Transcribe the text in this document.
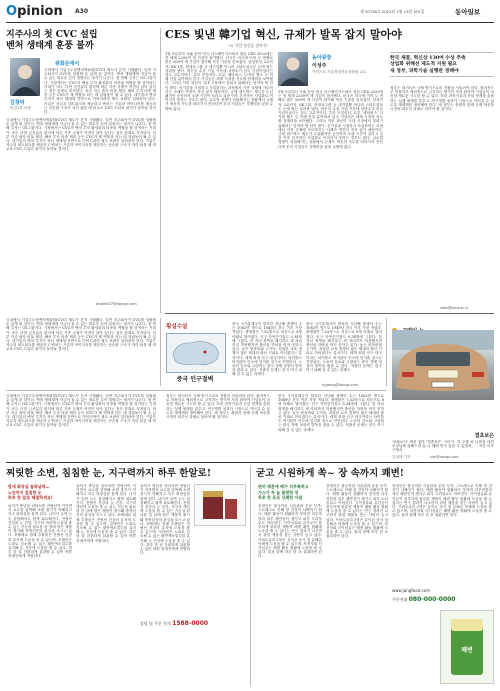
Opinion A30	제 30726호 2022년 1월 19일 화요일	동아일보
지주사의 첫 CVC 설립
벤처 생태계 훈풍 불까
광화문에서
김창덕
산업1부 차장
국내에서 기업주도형벤처캐피털(CVC) 제도가 본격 시행됐다. 일반 지주회사가 CVC를 설립할 수 있게 된 것이다. 벤처 생태계에 자금이 돌 수 있는 새로운 길이 열렸다는 평가가 나온다. 첫 번째 주자는 GS그룹이다. 시장에서는 CVC가 벤처 투자 활성화의 마중물 역할을 할 것이라는 기대가 크다. 다만 금산분리 원칙에 따른 각종 규제가 여전히 남아 있다는 점은 한계로 지적된다. 외부 자금 출자 비율 제한, 해외 투자 비중 제한 등은 CVC가 제 역할을 하는 데 걸림돌이 될 수 있다. 대기업의 벤처 투자가 혁신 생태계 전반으로 이어지려면 제도 보완이 뒤따라야 한다. 기업은 자금과 네트워크를 제공하고 벤처는 기술과 아이디어를 제공하는 선순환 구조가 자리 잡을 때 비로소 CVC 도입의 취지가 살아날 것이다.
국내에서 기업주도형벤처캐피털(CVC) 제도가 본격 시행됐다. 일반 지주회사가 CVC를 설립할 수 있게 된 것이다. 벤처 생태계에 자금이 돌 수 있는 새로운 길이 열렸다는 평가가 나온다. 첫 번째 주자는 GS그룹이다. 시장에서는 CVC가 벤처 투자 활성화의 마중물 역할을 할 것이라는 기대가 크다. 다만 금산분리 원칙에 따른 각종 규제가 여전히 남아 있다는 점은 한계로 지적된다. 외부 자금 출자 비율 제한, 해외 투자 비중 제한 등은 CVC가 제 역할을 하는 데 걸림돌이 될 수 있다. 대기업의 벤처 투자가 혁신 생태계 전반으로 이어지려면 제도 보완이 뒤따라야 한다. 기업은 자금과 네트워크를 제공하고 벤처는 기술과 아이디어를 제공하는 선순환 구조가 자리 잡을 때 비로소 CVC 도입의 취지가 살아날 것이다.
drake007@donga.com
CES 빛낸 韓기업 혁신, 규제가 발목 잡지 말아야
〈뉴 기업 정신을 찾아서〉
1월 5일부터 사흘 동안 미국 라스베이거스에서 열린 CES 2022에는 전 세계 2200여 개 기업이 참가했다. 한국은 미국에 이어 두 번째로 많은 500여 개 기업이 참가해 혁신 기술을 선보였다. 삼성전자, LG전자, SK그룹, 현대차그룹 등 대기업뿐 아니라 스타트업들도 눈에 띄는 성과를 냈다. 혁신상 수상 기업 가운데 상당수가 한국 기업이었다는 점도 고무적이다. 특히 모빌리티, 로봇, 메타버스, 디지털 헬스 등 미래 산업 분야에서 한국 기업들은 세계 시장을 선도할 잠재력을 보여줬다. 그러나 이런 혁신이 국내 시장에서 꽃피기 위해서는 넘어야 할 산이 많다. 신기술을 시험하고 사업화하는 과정에서 각종 규제에 가로막히는 사례가 여전히 적지 않기 때문이다. 규제 샌드박스 제도가 도입됐지만 승인까지 오랜 시간이 걸리고 실증 이후 본격적인 사업화로 이어지지 못하는 경우도 많다. 글로벌 경쟁이 치열해지는 상황에서 규제가 혁신의 속도를 따라가지 못한다면 우리 기업들은 경쟁력을 잃을 수밖에 없다.
동아광장
이성주
카이스트 기술경영전문대학원 교수
1월 5일부터 사흘 동안 미국 라스베이거스에서 열린 CES 2022에는 전 세계 2200여 개 기업이 참가했다. 한국은 미국에 이어 두 번째로 많은 500여 개 기업이 참가해 혁신 기술을 선보였다. 삼성전자, LG전자, SK그룹, 현대차그룹 등 대기업뿐 아니라 스타트업들도 눈에 띄는 성과를 냈다. 혁신상 수상 기업 가운데 상당수가 한국 기업이었다는 점도 고무적이다. 특히 모빌리티, 로봇, 메타버스, 디지털 헬스 등 미래 산업 분야에서 한국 기업들은 세계 시장을 선도할 잠재력을 보여줬다. 그러나 이런 혁신이 국내 시장에서 꽃피기 위해서는 넘어야 할 산이 많다. 신기술을 시험하고 사업화하는 과정에서 각종 규제에 가로막히는 사례가 여전히 적지 않기 때문이다. 규제 샌드박스 제도가 도입됐지만 승인까지 오랜 시간이 걸리고 실증 이후 본격적인 사업화로 이어지지 못하는 경우도 많다. 글로벌 경쟁이 치열해지는 상황에서 규제가 혁신의 속도를 따라가지 못한다면 우리 기업들은 경쟁력을 잃을 수밖에 없다.
한국 제품, 혁신상 130여 수상 추축
상업화 위해선 제도적 지원 필요
새 정부, 과학기술 실행관 정해야
정부는 네거티브 규제 방식으로의 전환을 서둘러야 한다. 원칙적으로 허용하고 예외적으로 금지하는 방식이 자리 잡아야 기업들이 마음껏 새로운 시도를 할 수 있다. 또한 과학기술과 산업 정책을 총괄하는 실행 체계를 갖추고, 연구개발 성과가 시장으로 이어질 수 있도록 생태계를 정비해야 한다. 새 정부는 출범과 함께 규제 혁신을 국정의 최우선 과제로 삼아야 할 것이다.
sjlee@kaist.ac.kr
횡설수설
중국 인구절벽
중국 국가통계국이 발표한 지난해 출생아 수는 1062만 명으로 1949년 건국 이후 가장 적었다. 출생률은 7.52명으로 처음으로 8명 아래로 떨어졌다. 인구 자연증가율도 0.34명에 그쳤다. 한 자녀 정책을 폐지하고 세 자녀까지 허용했지만 출산율 하락을 막지 못하고 있다. 높은 양육비와 주거비, 치열한 교육 경쟁이 젊은 세대의 출산 기피로 이어졌다는 분석이다. 세계 최대 인구 대국이라는 타이틀도 머지않아 인도에 넘겨줄 것으로 전망된다. 노동력 감소와 고령화는 중국 경제 성장의 발목을 잡을 수 있다. 저출산 문제는 한국 역시 피해 갈 수 없는 과제다.
중국 국가통계국이 발표한 지난해 출생아 수는 1062만 명으로 1949년 건국 이후 가장 적었다. 출생률은 7.52명으로 처음으로 8명 아래로 떨어졌다. 인구 자연증가율도 0.34명에 그쳤다. 한 자녀 정책을 폐지하고 세 자녀까지 허용했지만 출산율 하락을 막지 못하고 있다. 높은 양육비와 주거비, 치열한 교육 경쟁이 젊은 세대의 출산 기피로 이어졌다는 분석이다. 세계 최대 인구 대국이라는 타이틀도 머지않아 인도에 넘겨줄 것으로 전망된다. 노동력 감소와 고령화는 중국 경제 성장의 발목을 잡을 수 있다. 저출산 문제는 한국 역시 피해 갈 수 없는 과제다.
hyjeong@donga.com
국내에서 기업주도형벤처캐피털(CVC) 제도가 본격 시행됐다. 일반 지주회사가 CVC를 설립할 수 있게 된 것이다. 벤처 생태계에 자금이 돌 수 있는 새로운 길이 열렸다는 평가가 나온다. 첫 번째 주자는 GS그룹이다. 시장에서는 CVC가 벤처 투자 활성화의 마중물 역할을 할 것이라는 기대가 크다. 다만 금산분리 원칙에 따른 각종 규제가 여전히 남아 있다는 점은 한계로 지적된다. 외부 자금 출자 비율 제한, 해외 투자 비중 제한 등은 CVC가 제 역할을 하는 데 걸림돌이 될 수 있다. 대기업의 벤처 투자가 혁신 생태계 전반으로 이어지려면 제도 보완이 뒤따라야 한다. 기업은 자금과 네트워크를 제공하고 벤처는 기술과 아이디어를 제공하는 선순환 구조가 자리 잡을 때 비로소 CVC 도입의 취지가 살아날 것이다.
결초보은
'포뮬로러' 세상 좋아 '결혼보은' 스티커. 자 주행 차 나를을 대면 조상님께 잘해드린 분 나 혜택 받지 않을 수 있을까, ㅡ 서울 마포구에서
김성태 기자	kim@donga.com
국내에서 기업주도형벤처캐피털(CVC) 제도가 본격 시행됐다. 일반 지주회사가 CVC를 설립할 수 있게 된 것이다. 벤처 생태계에 자금이 돌 수 있는 새로운 길이 열렸다는 평가가 나온다. 첫 번째 주자는 GS그룹이다. 시장에서는 CVC가 벤처 투자 활성화의 마중물 역할을 할 것이라는 기대가 크다. 다만 금산분리 원칙에 따른 각종 규제가 여전히 남아 있다는 점은 한계로 지적된다. 외부 자금 출자 비율 제한, 해외 투자 비중 제한 등은 CVC가 제 역할을 하는 데 걸림돌이 될 수 있다. 대기업의 벤처 투자가 혁신 생태계 전반으로 이어지려면 제도 보완이 뒤따라야 한다. 기업은 자금과 네트워크를 제공하고 벤처는 기술과 아이디어를 제공하는 선순환 구조가 자리 잡을 때 비로소 CVC 도입의 취지가 살아날 것이다.
정부는 네거티브 규제 방식으로의 전환을 서둘러야 한다. 원칙적으로 허용하고 예외적으로 금지하는 방식이 자리 잡아야 기업들이 마음껏 새로운 시도를 할 수 있다. 또한 과학기술과 산업 정책을 총괄하는 실행 체계를 갖추고, 연구개발 성과가 시장으로 이어질 수 있도록 생태계를 정비해야 한다. 새 정부는 출범과 함께 규제 혁신을 국정의 최우선 과제로 삼아야 할 것이다.
중국 국가통계국이 발표한 지난해 출생아 수는 1062만 명으로 1949년 건국 이후 가장 적었다. 출생률은 7.52명으로 처음으로 8명 아래로 떨어졌다. 인구 자연증가율도 0.34명에 그쳤다. 한 자녀 정책을 폐지하고 세 자녀까지 허용했지만 출산율 하락을 막지 못하고 있다. 높은 양육비와 주거비, 치열한 교육 경쟁이 젊은 세대의 출산 기피로 이어졌다는 분석이다. 세계 최대 인구 대국이라는 타이틀도 머지않아 인도에 넘겨줄 것으로 전망된다. 노동력 감소와 고령화는 중국 경제 성장의 발목을 잡을 수 있다. 저출산 문제는 한국 역시 피해 갈 수 없는 과제다.
찌릿한 소변, 침침한 눈, 지구력까지 하루 한알로!
밤새 화장실 들락날락…
노안까지 침침한 눈
하루 한 알로 해결하세요!
남자가 중년을 넘어서면 전립선이 커지면서 요도를 압박해 소변 줄기가 약해지고 자주 화장실을 찾게 된다. 나이가 들면 눈도 침침해지고 쉽게 피로해진다. 전립선 건강과 눈 건강, 지구력 개선에 도움을 줄 수 있는 기능성 원료를 한 알에 담은 제품이 출시돼 중장년층의 관심을 모으고 있다. 쏘팔메토 열매 추출물은 전립선 건강의 유지에 도움을 줄 수 있으며, 루테인은 노화로 감소될 수 있는 황반색소밀도를 유지해 눈 건강에 도움을 줄 수 있다. 하루 한 알 간편하게 섭취할 수 있어 바쁜 현대인에게 적합하다.
남자가 중년을 넘어서면 전립선이 커지면서 요도를 압박해 소변 줄기가 약해지고 자주 화장실을 찾게 된다. 나이가 들면 눈도 침침해지고 쉽게 피로해진다. 전립선 건강과 눈 건강, 지구력 개선에 도움을 줄 수 있는 기능성 원료를 한 알에 담은 제품이 출시돼 중장년층의 관심을 모으고 있다. 쏘팔메토 열매 추출물은 전립선 건강의 유지에 도움을 줄 수 있으며, 루테인은 노화로 감소될 수 있는 황반색소밀도를 유지해 눈 건강에 도움을 줄 수 있다. 하루 한 알 간편하게 섭취할 수 있어 바쁜 현대인에게 적합하다.
남자가 중년을 넘어서면 전립선이 커지면서 요도를 압박해 소변 줄기가 약해지고 자주 화장실을 찾게 된다. 나이가 들면 눈도 침침해지고 쉽게 피로해진다. 전립선 건강과 눈 건강, 지구력 개선에 도움을 줄 수 있는 기능성 원료를 한 알에 담은 제품이 출시돼 중장년층의 관심을 모으고 있다. 쏘팔메토 열매 추출물은 전립선 건강의 유지에 도움을 줄 수 있으며, 루테인은 노화로 감소될 수 있는 황반색소밀도를 유지해 눈 건강에 도움을 줄 수 있다. 하루 한 알 간편하게 섭취할 수 있어 바쁜 현대인에게 적합하다.
상담 및 주문 문의 1588-0000
굳고 시원하게 쏙~ 장 속까지 쾌변!
변비 때문에 배가 더부룩하고
가스가 차 늘 불편한 장
하루 한 포로 상쾌한 아침
현대인은 불규칙한 식습관과 운동 부족, 스트레스로 인해 장 건강이 나빠지기 쉽다. 배변 활동이 원활하지 못하면 더부룩함과 복부 팽만감이 생기고 피부 트러블로도 이어진다. 식이섬유와 유산균이 풍부하게 함유된 제품이 배변 활동 원활에 도움을 줄 수 있다는 연구 결과가 나오면서 관련 제품을 찾는 사람이 늘고 있다. 프락토올리고당은 유익균 증식 및 유해균 억제에 도움을 줄 수 있으며, 차전자피 식이섬유는 배변 활동 원활에 도움을 줄 수 있다. 물과 함께 하루 한 포 섭취하면 된다.
현대인은 불규칙한 식습관과 운동 부족, 스트레스로 인해 장 건강이 나빠지기 쉽다. 배변 활동이 원활하지 못하면 더부룩함과 복부 팽만감이 생기고 피부 트러블로도 이어진다. 식이섬유와 유산균이 풍부하게 함유된 제품이 배변 활동 원활에 도움을 줄 수 있다는 연구 결과가 나오면서 관련 제품을 찾는 사람이 늘고 있다. 프락토올리고당은 유익균 증식 및 유해균 억제에 도움을 줄 수 있으며, 차전자피 식이섬유는 배변 활동 원활에 도움을 줄 수 있다. 물과 함께 하루 한 포 섭취하면 된다.
현대인은 불규칙한 식습관과 운동 부족, 스트레스로 인해 장 건강이 나빠지기 쉽다. 배변 활동이 원활하지 못하면 더부룩함과 복부 팽만감이 생기고 피부 트러블로도 이어진다. 식이섬유와 유산균이 풍부하게 함유된 제품이 배변 활동 원활에 도움을 줄 수 있다는 연구 결과가 나오면서 관련 제품을 찾는 사람이 늘고 있다. 프락토올리고당은 유익균 증식 및 유해균 억제에 도움을 줄 수 있으며, 차전자피 식이섬유는 배변 활동 원활에 도움을 줄 수 있다. 물과 함께 하루 한 포 섭취하면 된다.
www.jangfood.com
주문전화 080-000-0000
쾌변
